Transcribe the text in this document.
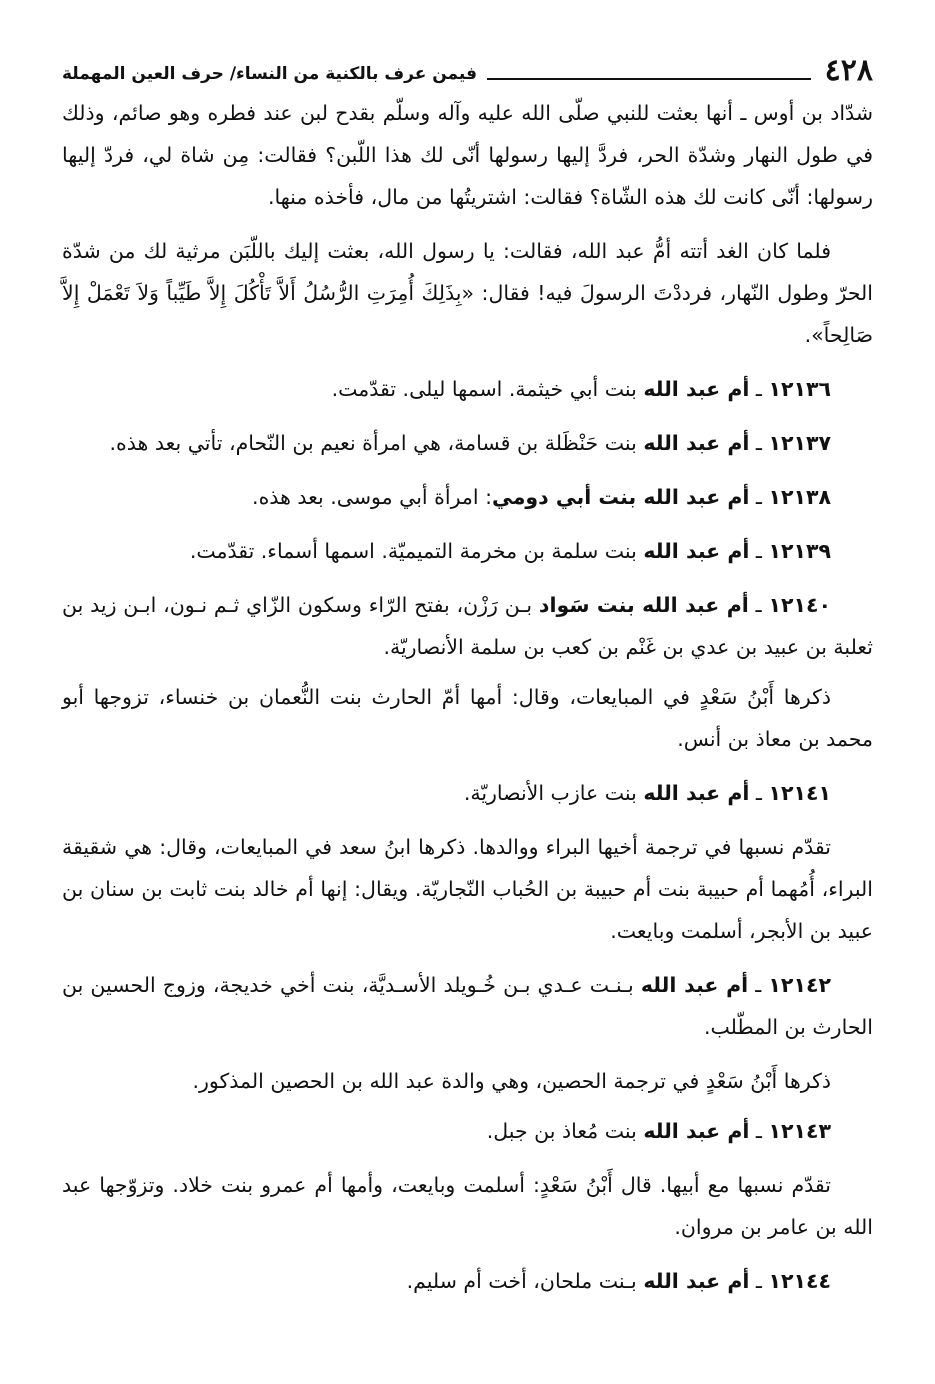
٤٢٨
فيمن عرف بالكنية من النساء/ حرف العين المهملة

شدّاد بن أوس ـ أنها بعثت للنبي صلّى الله عليه وآله وسلّم بقدح لبن عند فطره وهو صائم، وذلك في طول النهار وشدّة الحر، فردَّ إليها رسولها أنّى لك هذا اللّبن؟ فقالت: مِن شاة لي، فردّ إليها رسولها: أنّى كانت لك هذه الشّاة؟ فقالت: اشتريتُها من مال، فأخذه منها.

فلما كان الغد أتته أمُّ عبد الله، فقالت: يا رسول الله، بعثت إليك باللّبَن مرثية لك من شدّة الحرّ وطول النّهار، فرددْتَ الرسولَ فيه! فقال: «بِذَلِكَ أُمِرَتِ الرُّسُلُ أَلاَّ تَأْكُلَ إِلاَّ طَيِّباً وَلاَ تَعْمَلْ إِلاَّ صَالِحاً».

١٢١٣٦ ـ أم عبد الله بنت أبي خيثمة. اسمها ليلى. تقدّمت.

١٢١٣٧ ـ أم عبد الله بنت حَنْظَلة بن قسامة، هي امرأة نعيم بن النّحام، تأتي بعد هذه.

١٢١٣٨ ـ أم عبد الله بنت أبي دومي: امرأة أبي موسى. بعد هذه.

١٢١٣٩ ـ أم عبد الله بنت سلمة بن مخرمة التميميّة. اسمها أسماء. تقدّمت.

١٢١٤٠ ـ أم عبد الله بنت سَواد بـن رَزْن، بفتح الرّاء وسكون الزّاي ثـم نـون، ابـن زيد بن ثعلبة بن عبيد بن عدي بن غَنْم بن كعب بن سلمة الأنصاريّة.

ذكرها أَبْنُ سَعْدٍ في المبايعات، وقال: أمها أمّ الحارث بنت النُّعمان بن خنساء، تزوجها أبو محمد بن معاذ بن أنس.

١٢١٤١ ـ أم عبد الله بنت عازب الأنصاريّة.

تقدّم نسبها في ترجمة أخيها البراء ووالدها. ذكرها ابنُ سعد في المبايعات، وقال: هي شقيقة البراء، أُمُهما أم حبيبة بنت أم حبيبة بن الحُباب النّجاريّة. ويقال: إنها أم خالد بنت ثابت بن سنان بن عبيد بن الأبجر، أسلمت وبايعت.

١٢١٤٢ ـ أم عبد الله بـنـت عـدي بـن خُـويلد الأسـديَّة، بنت أخي خديجة، وزوج الحسين بن الحارث بن المطّلب.

ذكرها أَبْنُ سَعْدٍ في ترجمة الحصين، وهي والدة عبد الله بن الحصين المذكور.

١٢١٤٣ ـ أم عبد الله بنت مُعاذ بن جبل.

تقدّم نسبها مع أبيها. قال أَبْنُ سَعْدٍ: أسلمت وبايعت، وأمها أم عمرو بنت خلاد. وتزوّجها عبد الله بن عامر بن مروان.

١٢١٤٤ ـ أم عبد الله بـنت ملحان، أخت أم سليم.
